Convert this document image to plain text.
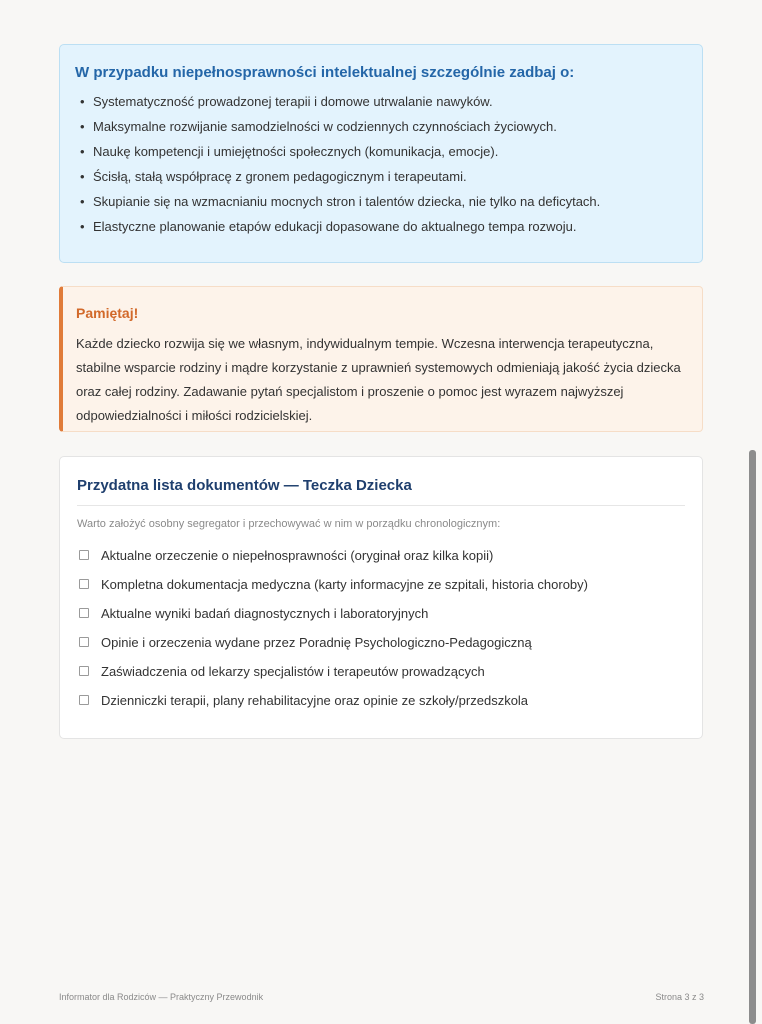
W przypadku niepełnosprawności intelektualnej szczególnie zadbaj o:
• Systematyczność prowadzonej terapii i domowe utrwalanie nawyków.
• Maksymalne rozwijanie samodzielności w codziennych czynnościach życiowych.
• Naukę kompetencji i umiejętności społecznych (komunikacja, emocje).
• Ścisłą, stałą współpracę z gronem pedagogicznym i terapeutami.
• Skupianie się na wzmacnianiu mocnych stron i talentów dziecka, nie tylko na deficytach.
• Elastyczne planowanie etapów edukacji dopasowane do aktualnego tempa rozwoju.
Pamiętaj!

Każde dziecko rozwija się we własnym, indywidualnym tempie. Wczesna interwencja terapeutyczna, stabilne wsparcie rodziny i mądre korzystanie z uprawnień systemowych odmieniają jakość życia dziecka oraz całej rodziny. Zadawanie pytań specjalistom i proszenie o pomoc jest wyrazem najwyższej odpowiedzialności i miłości rodzicielskiej.

Przydatna lista dokumentów — Teczka Dziecka
Warto założyć osobny segregator i przechowywać w nim w porządku chronologicznym:
Aktualne orzeczenie o niepełnosprawności (oryginał oraz kilka kopii)
Kompletna dokumentacja medyczna (karty informacyjne ze szpitali, historia choroby)
Aktualne wyniki badań diagnostycznych i laboratoryjnych
Opinie i orzeczenia wydane przez Poradnię Psychologiczno-Pedagogiczną
Zaświadczenia od lekarzy specjalistów i terapeutów prowadzących
Dzienniczki terapii, plany rehabilitacyjne oraz opinie ze szkoły/przedszkola
Informator dla Rodziców — Praktyczny Przewodnik	Strona 3 z 3
